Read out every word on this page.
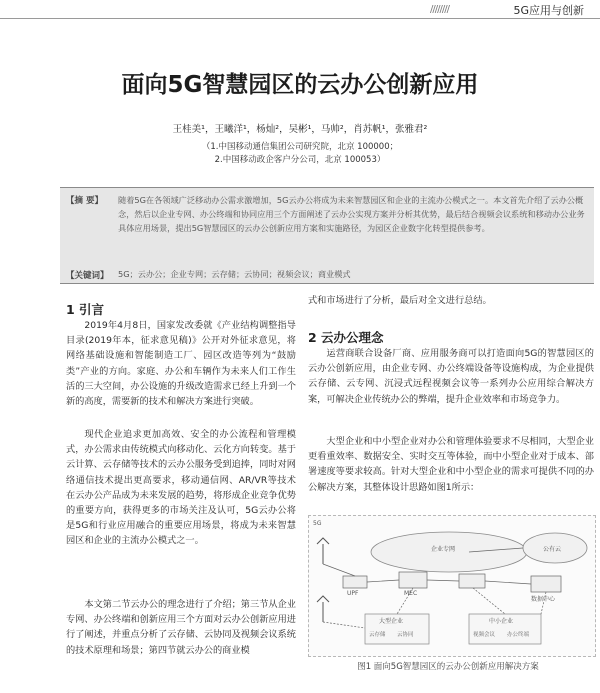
////////	5G应用与创新
面向5G智慧园区的云办公创新应用
王桂美¹，王曦洋¹，杨灿²，吴彬¹，马帅²，肖苏帆¹，张雅君²
（1.中国移动通信集团公司研究院，北京 100000；
2.中国移动政企客户分公司，北京 100053）
【摘 要】 随着5G在各领域广泛移动办公需求激增加，5G云办公将成为未来智慧园区和企业的主流办公模式之一。本文首先介绍了云办公概念，然后以企业专网、办公终端和协同应用三个方面阐述了云办公实现方案并分析其优势，最后结合视频会议系统和移动办公业务具体应用场景，提出5G智慧园区的云办公创新应用方案和实施路径，为园区企业数字化转型提供参考。

【关键词】 5G；云办公；企业专网；云存储；云协同；视频会议；商业模式
1 引言

2019年4月8日，国家发改委就《产业结构调整指导目录(2019年本，征求意见稿)》公开对外征求意见，将网络基础设施和智能制造工厂、园区改造等列为“鼓励类”产业的方向。家庭、办公和车辆作为未来人们工作生活的三大空间，办公设施的升级改造需求已经上升到一个新的高度，需要新的技术和解决方案进行突破。

现代企业追求更加高效、安全的办公流程和管理模式，办公需求由传统模式向移动化、云化方向转变。基于云计算、云存储等技术的云办公服务受到追捧，同时对网络通信技术提出更高要求，移动通信网、AR/VR等技术在云办公产品成为未来发展的趋势，将形成企业竞争优势的重要方向，获得更多的市场关注及认可，5G云办公将是5G和行业应用融合的重要应用场景，将成为未来智慧园区和企业的主流办公模式之一。

本文第二节云办公的理念进行了介绍；第三节从企业专网、办公终端和创新应用三个方面对云办公创新应用进行了阐述，并重点分析了云存储、云协同及视频会议系统的技术原理和场景；第四节就云办公的商业模

式和市场进行了分析，最后对全文进行总结。

2 云办公理念

运营商联合设备厂商、应用服务商可以打造面向5G的智慧园区的云办公创新应用，由企业专网、办公终端设备等设施构成，为企业提供云存储、云专网、沉浸式远程视频会议等一系列办公应用综合解决方案，可解决企业传统办公的弊端，提升企业效率和市场竞争力。

大型企业和中小型企业对办公和管理体验要求不尽相同，大型企业更看重效率、数据安全、实时交互等体验，而中小型企业对于成本、部署速度等要求较高。针对大型企业和中小型企业的需求可提供不同的办公解决方案，其整体设计思路如图1所示：

5G
MEC
UPF
数据中心
企业专网	公有云
大型企业	中小企业
云存储 云协同	视频会议 办公终端
图1 面向5G智慧园区的云办公创新应用解决方案
